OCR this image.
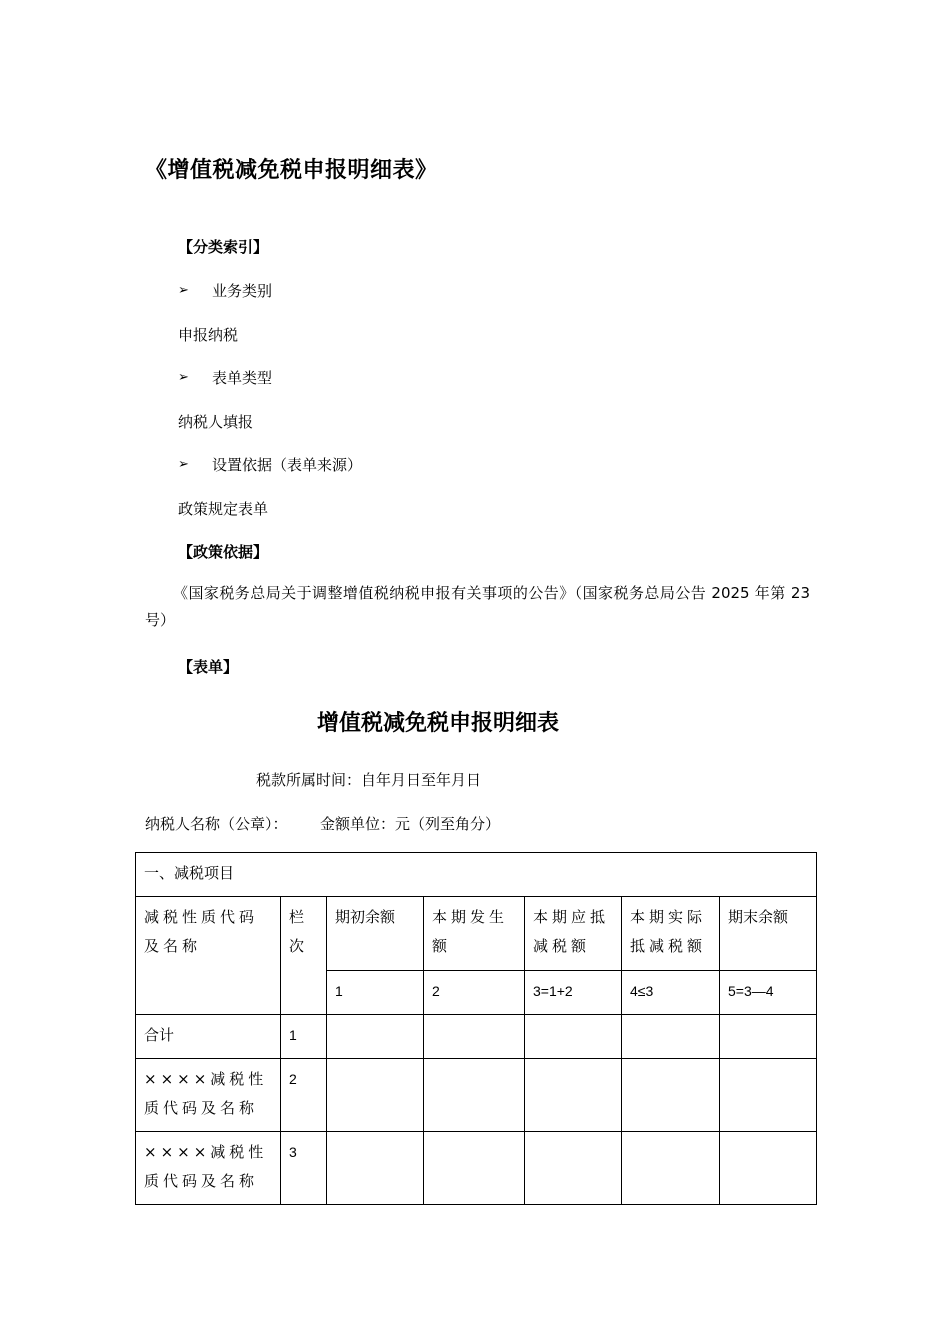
《增值税减免税申报明细表》
【分类索引】
➢	业务类别
申报纳税
➢	表单类型
纳税人填报
➢	设置依据（表单来源）
政策规定表单
【政策依据】
《国家税务总局关于调整增值税纳税申报有关事项的公告》（国家税务总局公告 2025 年第 23 号）
【表单】
增值税减免税申报明细表
税款所属时间：自年月日至年月日
纳税人名称（公章）： 金额单位：元（列至角分）
一、减税项目						
减税性质代码及名称	栏次	期初余额	本期发生额	本期应抵减税额	本期实际抵减税额	期末余额
		1	2	3=1+2	4≤3	5=3—4
合计	1					
××××减税性质代码及名称	2					
××××减税性质代码及名称	3					
